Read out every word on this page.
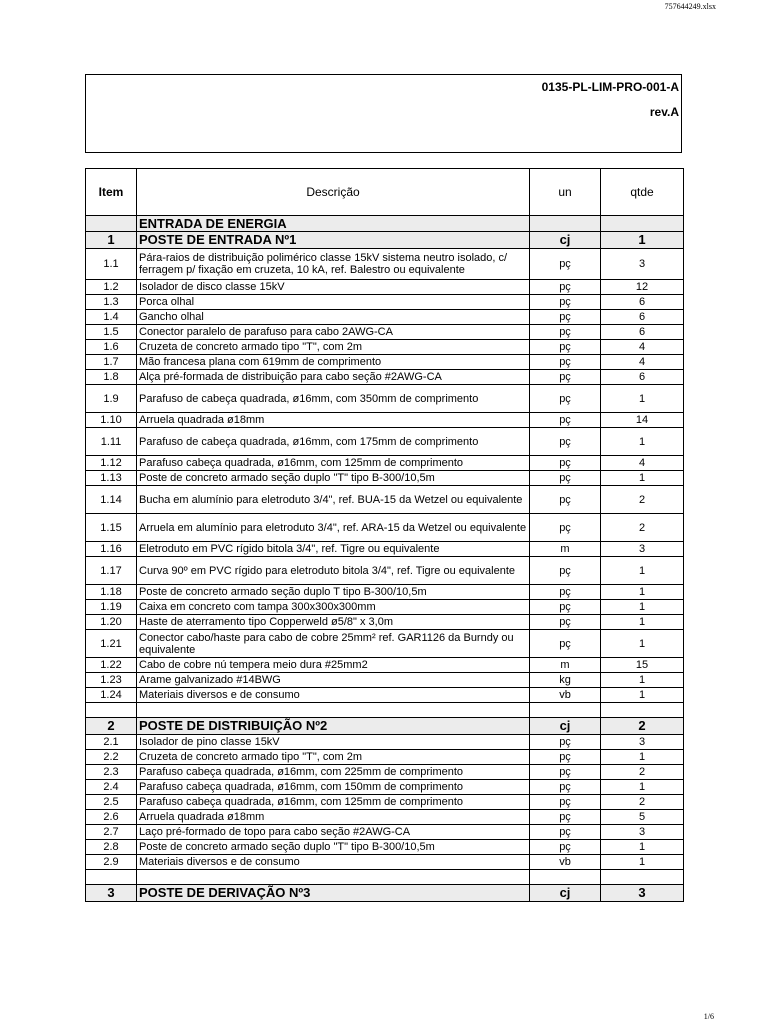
757644249.xlsx
0135-PL-LIM-PRO-001-A
rev.A
Item	Descrição	un	qtde
	ENTRADA DE ENERGIA		
1	POSTE DE ENTRADA Nº1	cj	1
1.1	Pára-raios de distribuição polimérico classe 15kV sistema neutro isolado, c/ ferragem p/ fixação em cruzeta, 10 kA, ref. Balestro ou equivalente	pç	3
1.2	Isolador de disco classe 15kV	pç	12
1.3	Porca olhal	pç	6
1.4	Gancho olhal	pç	6
1.5	Conector paralelo de parafuso para cabo 2AWG-CA	pç	6
1.6	Cruzeta de concreto armado tipo "T", com 2m	pç	4
1.7	Mão francesa plana com 619mm de comprimento	pç	4
1.8	Alça pré-formada de distribuição para cabo seção #2AWG-CA	pç	6
1.9	Parafuso de cabeça quadrada, ø16mm, com 350mm de comprimento	pç	1
1.10	Arruela quadrada ø18mm	pç	14
1.11	Parafuso de cabeça quadrada, ø16mm, com 175mm de comprimento	pç	1
1.12	Parafuso cabeça quadrada, ø16mm, com 125mm de comprimento	pç	4
1.13	Poste de concreto armado seção duplo "T" tipo B-300/10,5m	pç	1
1.14	Bucha em alumínio para eletroduto 3/4", ref. BUA-15 da Wetzel ou equivalente	pç	2
1.15	Arruela em alumínio para eletroduto 3/4", ref. ARA-15 da Wetzel ou equivalente	pç	2
1.16	Eletroduto em PVC rígido bitola 3/4", ref. Tigre ou equivalente	m	3
1.17	Curva 90º em PVC rígido para eletroduto bitola 3/4", ref. Tigre ou equivalente	pç	1
1.18	Poste de concreto armado seção duplo T tipo B-300/10,5m	pç	1
1.19	Caixa em concreto com tampa 300x300x300mm	pç	1
1.20	Haste de aterramento tipo Copperweld ø5/8" x 3,0m	pç	1
1.21	Conector cabo/haste para cabo de cobre 25mm² ref. GAR1126 da Burndy ou equivalente	pç	1
1.22	Cabo de cobre nú tempera meio dura #25mm2	m	15
1.23	Arame galvanizado #14BWG	kg	1
1.24	Materiais diversos e de consumo	vb	1

2	POSTE DE DISTRIBUIÇÃO Nº2	cj	2
2.1	Isolador de pino classe 15kV	pç	3
2.2	Cruzeta de concreto armado tipo "T", com 2m	pç	1
2.3	Parafuso cabeça quadrada, ø16mm, com 225mm de comprimento	pç	2
2.4	Parafuso cabeça quadrada, ø16mm, com 150mm de comprimento	pç	1
2.5	Parafuso cabeça quadrada, ø16mm, com 125mm de comprimento	pç	2
2.6	Arruela quadrada ø18mm	pç	5
2.7	Laço pré-formado de topo para cabo seção #2AWG-CA	pç	3
2.8	Poste de concreto armado seção duplo "T" tipo B-300/10,5m	pç	1
2.9	Materiais diversos e de consumo	vb	1

3	POSTE DE DERIVAÇÃO Nº3	cj	3
1/6
